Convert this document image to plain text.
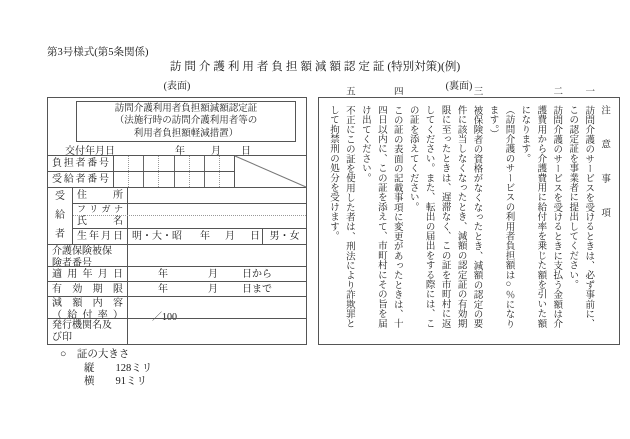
第3号様式(第5条関係)
訪問介護利用者負担額減額認定証(特別対策)(例)
(表面)
訪問介護利用者負担額減額認定証
（法施行時の訪問介護利用者等の
利用者負担額軽減措置）
交付年月日	年	月 日
負担者番号
受給者番号
受
給
者
住所
フリガナ
氏名
生年月日 明・大・昭 年 月 日 男・女
介護保険被保
険者番号
適用年月日	年	月 日から
有効期限	年	月 日まで
減額内容
（給付率）	／100
発行機関名及
び印
(裏面)

注意事項

一訪問介護のサービスを受けるときは、必ず事前に、この認定証を事業者に提出してください。

二訪問介護のサービスを受けるときに支払う金額は介護費用から介護費用に給付率を乗じた額を引いた額になります。

（訪問介護のサービスの利用者負担額は○％になります。）

三被保険者の資格がなくなったとき、減額の認定の要件に該当しなくなったとき、減額の認定証の有効期限に至ったときは、遅滞なく、この証を市町村に返してください。また、転出の届出をする際には、この証を添えてください。

四この証の表面の記載事項に変更があったときは、十四日以内に、この証を添えて、市町村にその旨を届け出てください。

五不正にこの証を使用した者は、刑法により詐欺罪として拘禁刑の処分を受けます。

○　証の大きさ
縦　　128ミリ
横　　91ミリ
